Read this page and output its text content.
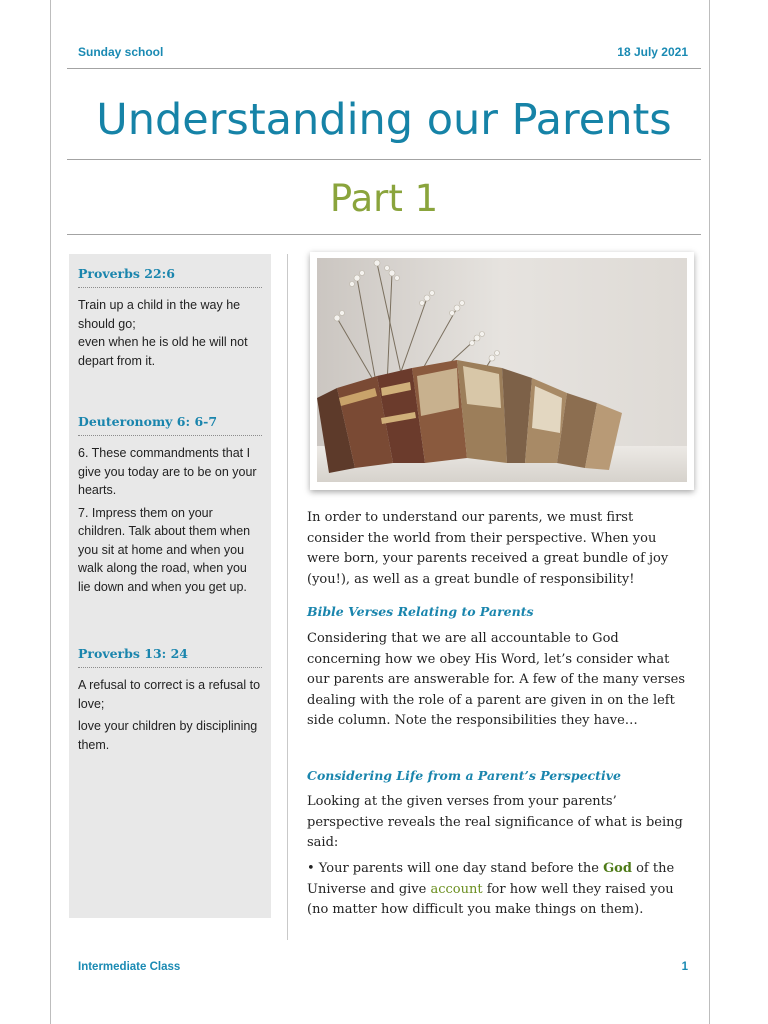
Sunday school	18 July 2021
Understanding our Parents
Part 1
Proverbs 22:6

Train up a child in the way he should go;

even when he is old he will not depart from it.

Deuteronomy 6: 6-7

6. These commandments that I give you today are to be on your hearts.

7. Impress them on your children. Talk about them when you sit at home and when you walk along the road, when you lie down and when you get up.

Proverbs 13: 24

A refusal to correct is a refusal to love;

love your children by disciplining them.

In order to understand our parents, we must first consider the world from their perspective. When you were born, your parents received a great bundle of joy (you!), as well as a great bundle of responsibility!

Bible Verses Relating to Parents

Considering that we are all accountable to God concerning how we obey His Word, let’s consider what our parents are answerable for. A few of the many verses dealing with the role of a parent are given in on the left side column. Note the responsibilities they have…

Considering Life from a Parent’s Perspective

Looking at the given verses from your parents’ perspective reveals the real significance of what is being said:

• Your parents will one day stand before the God of the Universe and give account for how well they raised you (no matter how difficult you make things on them).

Intermediate Class	1
